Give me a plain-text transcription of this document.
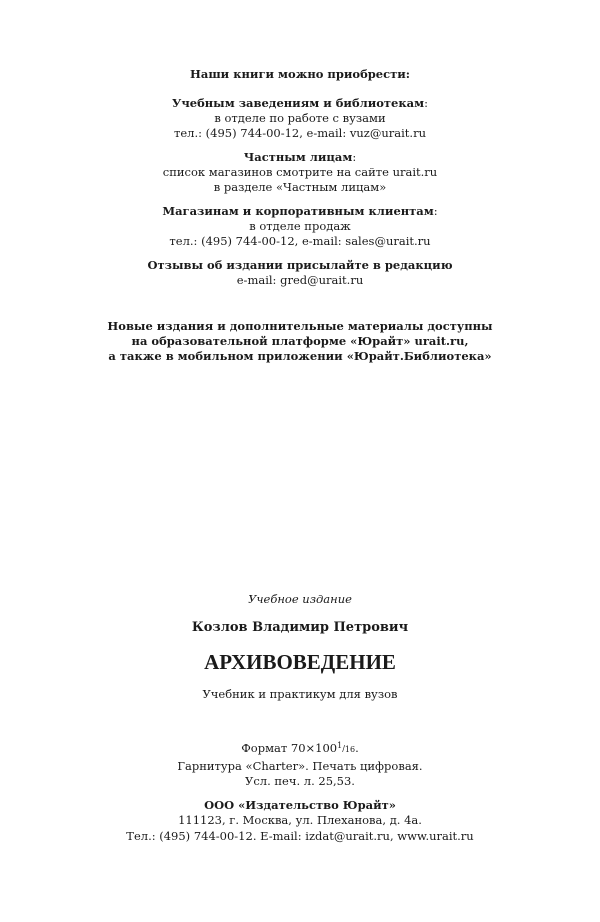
Наши книги можно приобрести:
Учебным заведениям и библиотекам:
в отделе по работе с вузами
тел.: (495) 744-00-12, e-mail: vuz@urait.ru
Частным лицам:
список магазинов смотрите на сайте urait.ru
в разделе «Частным лицам»
Магазинам и корпоративным клиентам:
в отделе продаж
тел.: (495) 744-00-12, e-mail: sales@urait.ru
Отзывы об издании присылайте в редакцию
e-mail: gred@urait.ru
Новые издания и дополнительные материалы доступны
на образовательной платформе «Юрайт» urait.ru,
а также в мобильном приложении «Юрайт.Библиотека»
Учебное издание
Козлов Владимир Петрович
АРХИВОВЕДЕНИЕ
Учебник и практикум для вузов
Формат 70×1001/16.
Гарнитура «Charter». Печать цифровая.
Усл. печ. л. 25,53.
ООО «Издательство Юрайт»
111123, г. Москва, ул. Плеханова, д. 4а.
Тел.: (495) 744-00-12. E-mail: izdat@urait.ru, www.urait.ru
